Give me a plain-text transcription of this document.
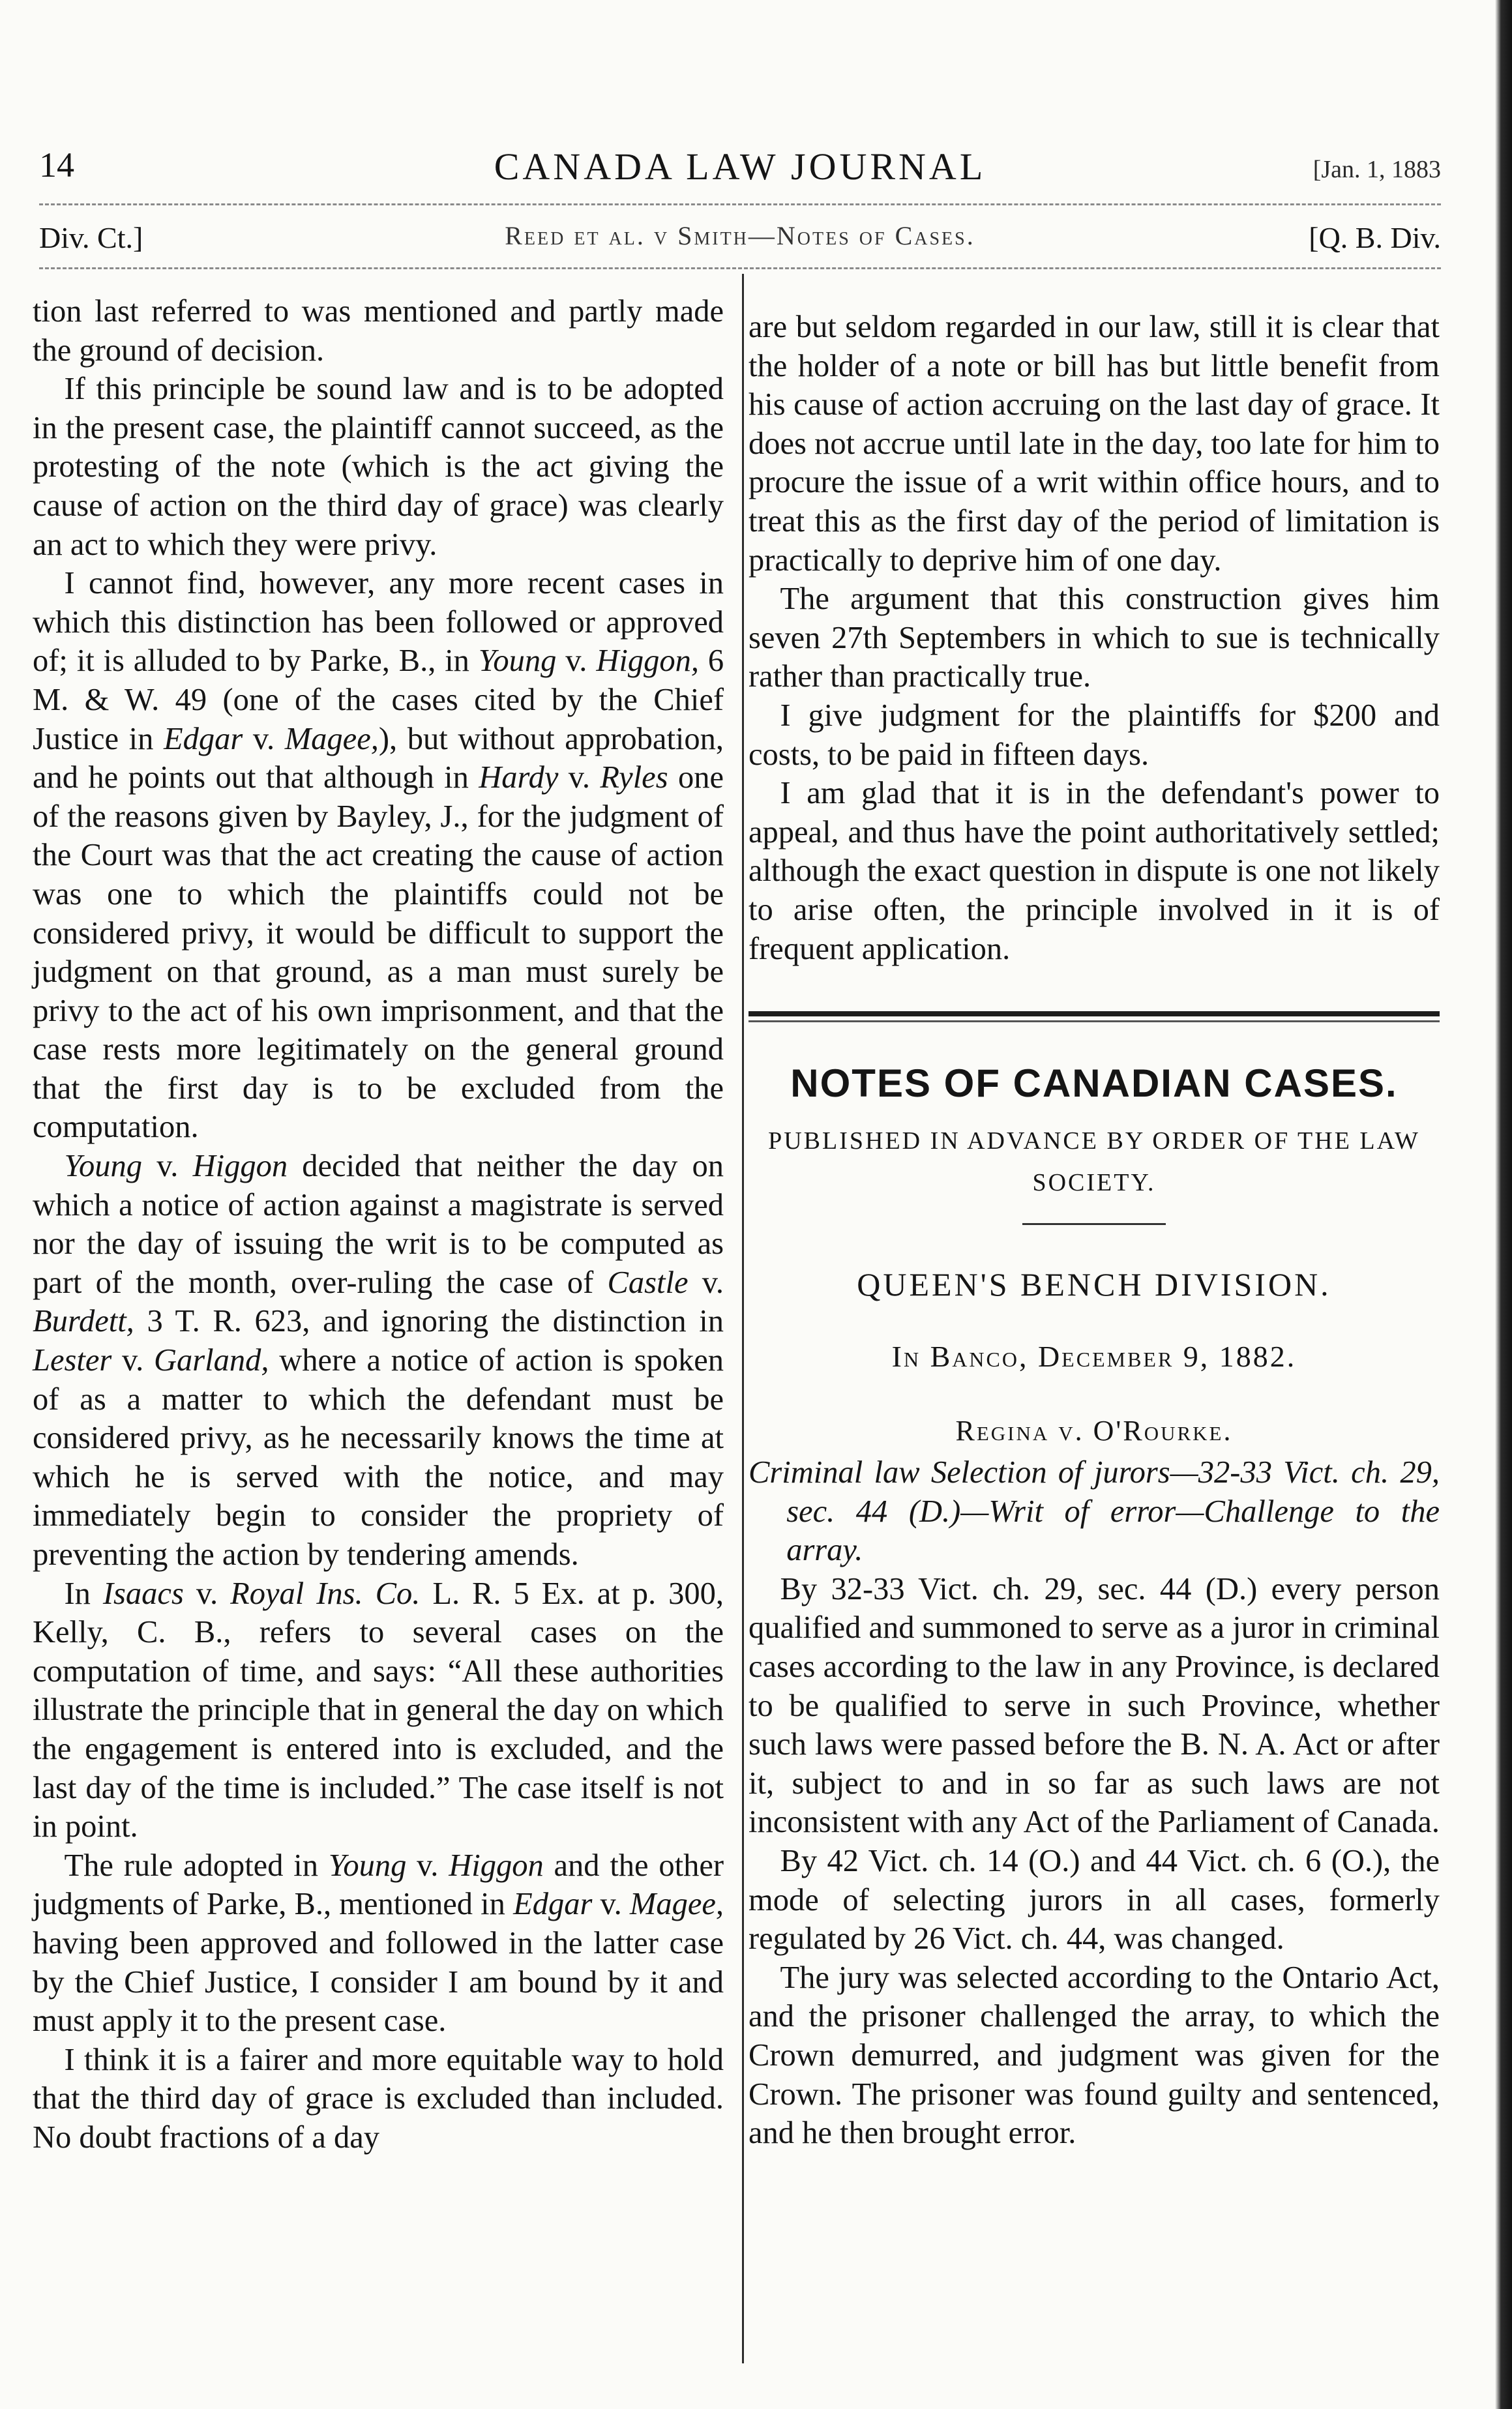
14	CANADA LAW JOURNAL	[Jan. 1, 1883
Div. Ct.]	Reed et al. v Smith—Notes of Cases.	[Q. B. Div.

tion last referred to was mentioned and partly made the ground of decision.

If this principle be sound law and is to be adopted in the present case, the plaintiff cannot succeed, as the protesting of the note (which is the act giving the cause of action on the third day of grace) was clearly an act to which they were privy.

I cannot find, however, any more recent cases in which this distinction has been followed or approved of; it is alluded to by Parke, B., in Young v. Higgon, 6 M. & W. 49 (one of the cases cited by the Chief Justice in Edgar v. Magee,), but without approbation, and he points out that although in Hardy v. Ryles one of the reasons given by Bayley, J., for the judgment of the Court was that the act creating the cause of action was one to which the plaintiffs could not be considered privy, it would be difficult to support the judgment on that ground, as a man must surely be privy to the act of his own imprisonment, and that the case rests more legitimately on the general ground that the first day is to be excluded from the computation.

Young v. Higgon decided that neither the day on which a notice of action against a magistrate is served nor the day of issuing the writ is to be computed as part of the month, over-ruling the case of Castle v. Burdett, 3 T. R. 623, and ignoring the distinction in Lester v. Garland, where a notice of action is spoken of as a matter to which the defendant must be considered privy, as he necessarily knows the time at which he is served with the notice, and may immediately begin to consider the propriety of preventing the action by tendering amends.

In Isaacs v. Royal Ins. Co. L. R. 5 Ex. at p. 300, Kelly, C. B., refers to several cases on the computation of time, and says: “All these authorities illustrate the principle that in general the day on which the engagement is entered into is excluded, and the last day of the time is included.” The case itself is not in point.

The rule adopted in Young v. Higgon and the other judgments of Parke, B., mentioned in Edgar v. Magee, having been approved and followed in the latter case by the Chief Justice, I consider I am bound by it and must apply it to the present case.

I think it is a fairer and more equitable way to hold that the third day of grace is excluded than included. No doubt fractions of a day

are but seldom regarded in our law, still it is clear that the holder of a note or bill has but little benefit from his cause of action accruing on the last day of grace. It does not accrue until late in the day, too late for him to procure the issue of a writ within office hours, and to treat this as the first day of the period of limitation is practically to deprive him of one day.

The argument that this construction gives him seven 27th Septembers in which to sue is technically rather than practically true.

I give judgment for the plaintiffs for $200 and costs, to be paid in fifteen days.

I am glad that it is in the defendant's power to appeal, and thus have the point authoritatively settled; although the exact question in dispute is one not likely to arise often, the principle involved in it is of frequent application.

NOTES OF CANADIAN CASES.
PUBLISHED IN ADVANCE BY ORDER OF THE LAW SOCIETY.
QUEEN'S BENCH DIVISION.
In Banco, December 9, 1882.
Regina v. O'Rourke.

Criminal law Selection of jurors—32-33 Vict. ch. 29, sec. 44 (D.)—Writ of error—Challenge to the array.

By 32-33 Vict. ch. 29, sec. 44 (D.) every person qualified and summoned to serve as a juror in criminal cases according to the law in any Province, is declared to be qualified to serve in such Province, whether such laws were passed before the B. N. A. Act or after it, subject to and in so far as such laws are not inconsistent with any Act of the Parliament of Canada.

By 42 Vict. ch. 14 (O.) and 44 Vict. ch. 6 (O.), the mode of selecting jurors in all cases, formerly regulated by 26 Vict. ch. 44, was changed.

The jury was selected according to the Ontario Act, and the prisoner challenged the array, to which the Crown demurred, and judgment was given for the Crown. The prisoner was found guilty and sentenced, and he then brought error.
